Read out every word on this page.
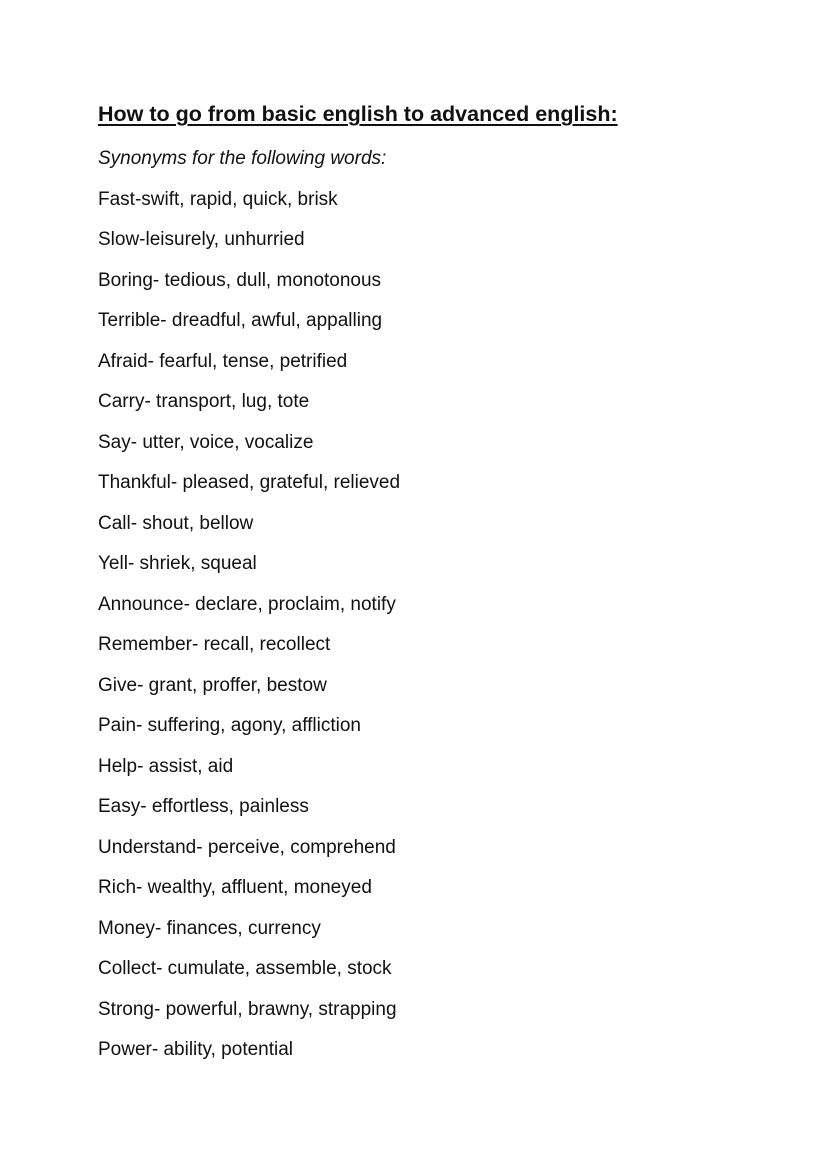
How to go from basic english to advanced english:

Synonyms for the following words:

Fast-swift, rapid, quick, brisk
Slow-leisurely, unhurried
Boring- tedious, dull, monotonous
Terrible- dreadful, awful, appalling
Afraid- fearful, tense, petrified
Carry- transport, lug, tote
Say- utter, voice, vocalize
Thankful- pleased, grateful, relieved
Call- shout, bellow
Yell- shriek, squeal
Announce- declare, proclaim, notify
Remember- recall, recollect
Give- grant, proffer, bestow
Pain- suffering, agony, affliction
Help- assist, aid
Easy- effortless, painless
Understand- perceive, comprehend
Rich- wealthy, affluent, moneyed
Money- finances, currency
Collect- cumulate, assemble, stock
Strong- powerful, brawny, strapping
Power- ability, potential
